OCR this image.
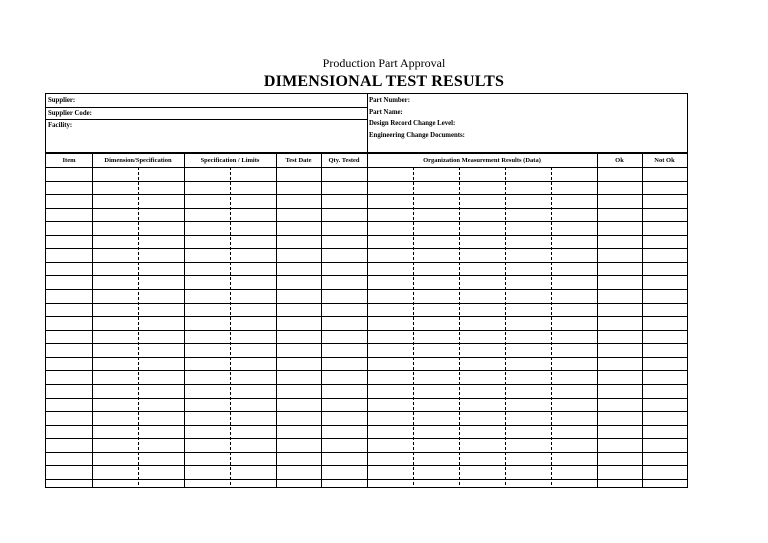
Production Part Approval
DIMENSIONAL TEST RESULTS
Supplier:
Supplier Code:
Facility:
Part Number:
Part Name:
Design Record Change Level:
Engineering Change Documents:
Item	Dimension/Specification	Specification / Limits	Test Date	Qty. Tested	Organization Measurement Results (Data)	Ok	Not Ok
